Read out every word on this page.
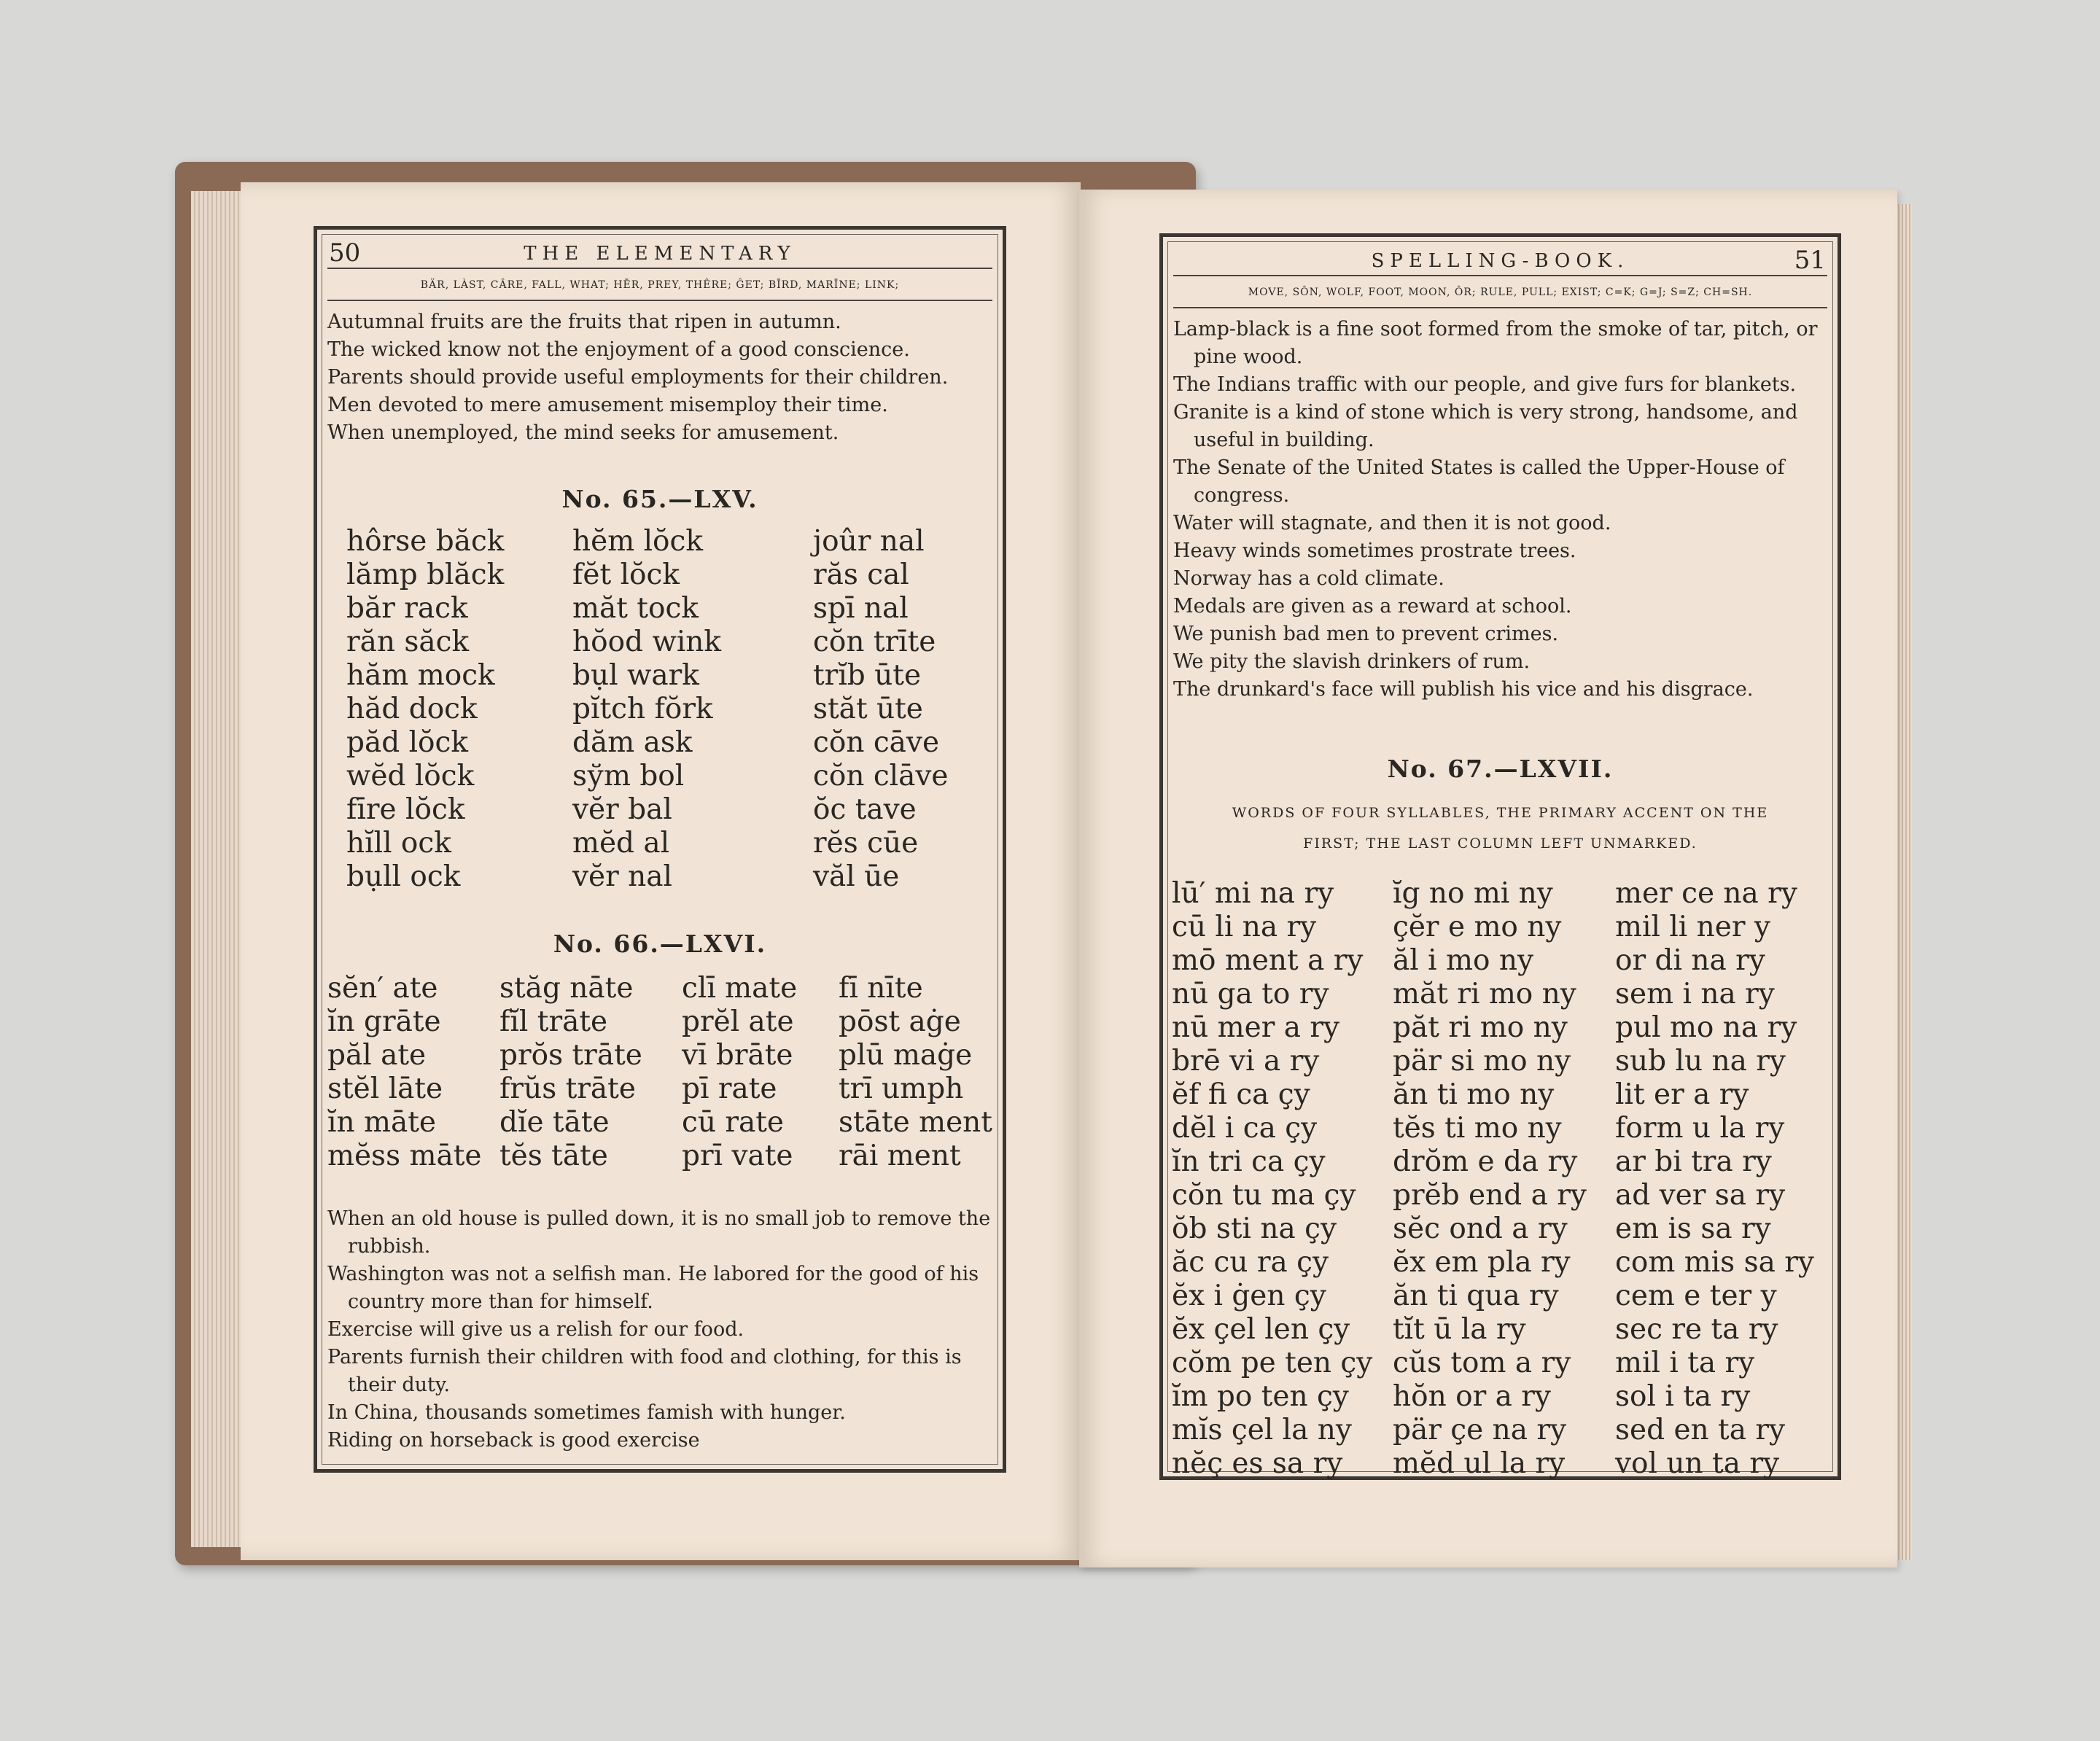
50	THE ELEMENTARY
BÄR, LÀST, CÂRE, FALL, WHAT; HĒR, PREY, THÊRE; ĜET; BĪRD, MARĪNE; LINK;
Autumnal fruits are the fruits that ripen in autumn.
The wicked know not the enjoyment of a good conscience.
Parents should provide useful employments for their children.
Men devoted to mere amusement misemploy their time.
When unemployed, the mind seeks for amusement.
No. 65.—LXV.
hôrse băck
lămp blăck
băr rack
răn săck
hăm mock
hăd dock
păd lŏck
wĕd lŏck
fīre lŏck
hĭll ock
bụll ock
hĕm lŏck
fĕt lŏck
măt tock
hŏod wink
bụl wark
pĭtch fŏrk
dăm ask
sўm bol
vĕr bal
mĕd al
vĕr nal
joûr nal
răs cal
spī nal
cŏn trīte
trĭb ūte
stăt ūte
cŏn cāve
cŏn clāve
ŏc tave
rĕs cūe
văl ūe
No. 66.—LXVI.
sĕn′ ate
ĭn grāte
păl ate
stĕl lāte
ĭn māte
mĕss māte
stăg nāte
fĭl trāte
prŏs trāte
frŭs trāte
dĭe tāte
tĕs tāte
clī mate
prĕl ate
vī brāte
pī rate
cū rate
prī vate
fī nīte
pōst aġe
plū maġe
trī umph
stāte ment
rāi ment
When an old house is pulled down, it is no small job to remove the rubbish.
Washington was not a selfish man. He labored for the good of his country more than for himself.
Exercise will give us a relish for our food.
Parents furnish their children with food and clothing, for this is their duty.
In China, thousands sometimes famish with hunger.
Riding on horseback is good exercise
SPELLING-BOOK.	51
MOVE, SÔN, WOLF, FOOT, MOON, ÔR; RULE, PULL; EXIST; C=K; G=J; S=Z; CH=SH.
Lamp-black is a fine soot formed from the smoke of tar, pitch, or pine wood.
The Indians traffic with our people, and give furs for blankets.
Granite is a kind of stone which is very strong, handsome, and useful in building.
The Senate of the United States is called the Upper-House of congress.
Water will stagnate, and then it is not good.
Heavy winds sometimes prostrate trees.
Norway has a cold climate.
Medals are given as a reward at school.
We punish bad men to prevent crimes.
We pity the slavish drinkers of rum.
The drunkard's face will publish his vice and his disgrace.
No. 67.—LXVII.
WORDS OF FOUR SYLLABLES, THE PRIMARY ACCENT ON THE
FIRST; THE LAST COLUMN LEFT UNMARKED.
lū′ mi na ry
cū li na ry
mō ment a ry
nū ga to ry
nū mer a ry
brē vi a ry
ĕf fi ca çy
dĕl i ca çy
ĭn tri ca çy
cŏn tu ma çy
ŏb sti na çy
ăc cu ra çy
ĕx i ġen çy
ĕx çel len çy
cŏm pe ten çy
ĭm po ten çy
mĭs çel la ny
nĕç es sa ry
ĭg no mi ny
çĕr e mo ny
ăl i mo ny
măt ri mo ny
păt ri mo ny
pär si mo ny
ăn ti mo ny
tĕs ti mo ny
drŏm e da ry
prĕb end a ry
sĕc ond a ry
ĕx em pla ry
ăn ti qua ry
tĭt ū la ry
cŭs tom a ry
hŏn or a ry
pär çe na ry
mĕd ul la ry
mer ce na ry
mil li ner y
or di na ry
sem i na ry
pul mo na ry
sub lu na ry
lit er a ry
form u la ry
ar bi tra ry
ad ver sa ry
em is sa ry
com mis sa ry
cem e ter y
sec re ta ry
mil i ta ry
sol i ta ry
sed en ta ry
vol un ta ry
